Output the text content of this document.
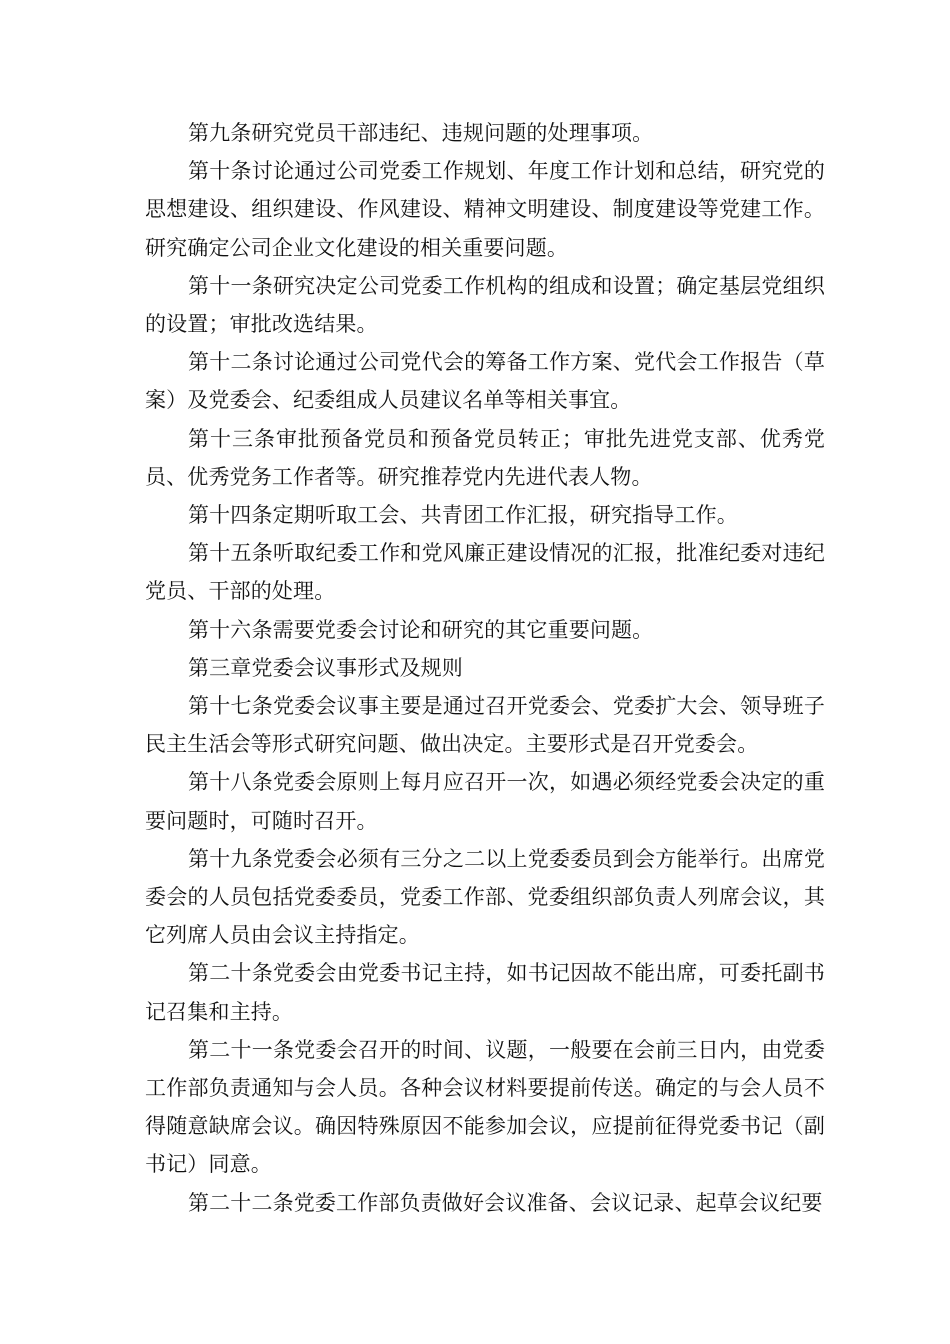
第九条研究党员干部违纪、违规问题的处理事项。

第十条讨论通过公司党委工作规划、年度工作计划和总结，研究党的思想建设、组织建设、作风建设、精神文明建设、制度建设等党建工作。研究确定公司企业文化建设的相关重要问题。

第十一条研究决定公司党委工作机构的组成和设置；确定基层党组织的设置；审批改选结果。

第十二条讨论通过公司党代会的筹备工作方案、党代会工作报告（草案）及党委会、纪委组成人员建议名单等相关事宜。

第十三条审批预备党员和预备党员转正；审批先进党支部、优秀党员、优秀党务工作者等。研究推荐党内先进代表人物。

第十四条定期听取工会、共青团工作汇报，研究指导工作。

第十五条听取纪委工作和党风廉正建设情况的汇报，批准纪委对违纪党员、干部的处理。

第十六条需要党委会讨论和研究的其它重要问题。

第三章党委会议事形式及规则

第十七条党委会议事主要是通过召开党委会、党委扩大会、领导班子民主生活会等形式研究问题、做出决定。主要形式是召开党委会。

第十八条党委会原则上每月应召开一次，如遇必须经党委会决定的重要问题时，可随时召开。

第十九条党委会必须有三分之二以上党委委员到会方能举行。出席党委会的人员包括党委委员，党委工作部、党委组织部负责人列席会议，其它列席人员由会议主持指定。

第二十条党委会由党委书记主持，如书记因故不能出席，可委托副书记召集和主持。

第二十一条党委会召开的时间、议题，一般要在会前三日内，由党委工作部负责通知与会人员。各种会议材料要提前传送。确定的与会人员不得随意缺席会议。确因特殊原因不能参加会议，应提前征得党委书记（副书记）同意。

第二十二条党委工作部负责做好会议准备、会议记录、起草会议纪要
